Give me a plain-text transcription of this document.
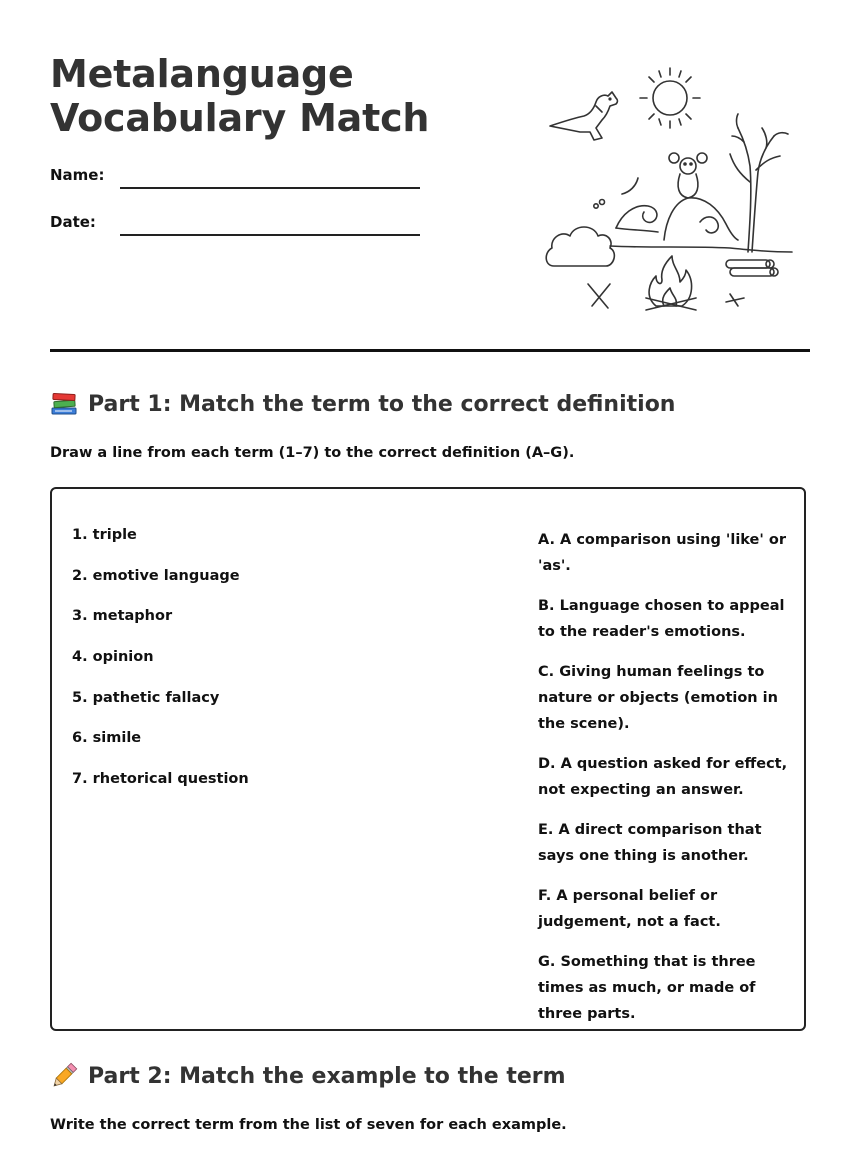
Metalanguage
Vocabulary Match
Name:
Date:
Part 1: Match the term to the correct definition

Draw a line from each term (1–7) to the correct definition (A–G).

1. triple
2. emotive language
3. metaphor
4. opinion
5. pathetic fallacy
6. simile
7. rhetorical question
A. A comparison using 'like' or 'as'.
B. Language chosen to appeal to the reader's emotions.
C. Giving human feelings to nature or objects (emotion in the scene).
D. A question asked for effect, not expecting an answer.
E. A direct comparison that says one thing is another.
F. A personal belief or judgement, not a fact.
G. Something that is three times as much, or made of three parts.
Part 2: Match the example to the term

Write the correct term from the list of seven for each example.
